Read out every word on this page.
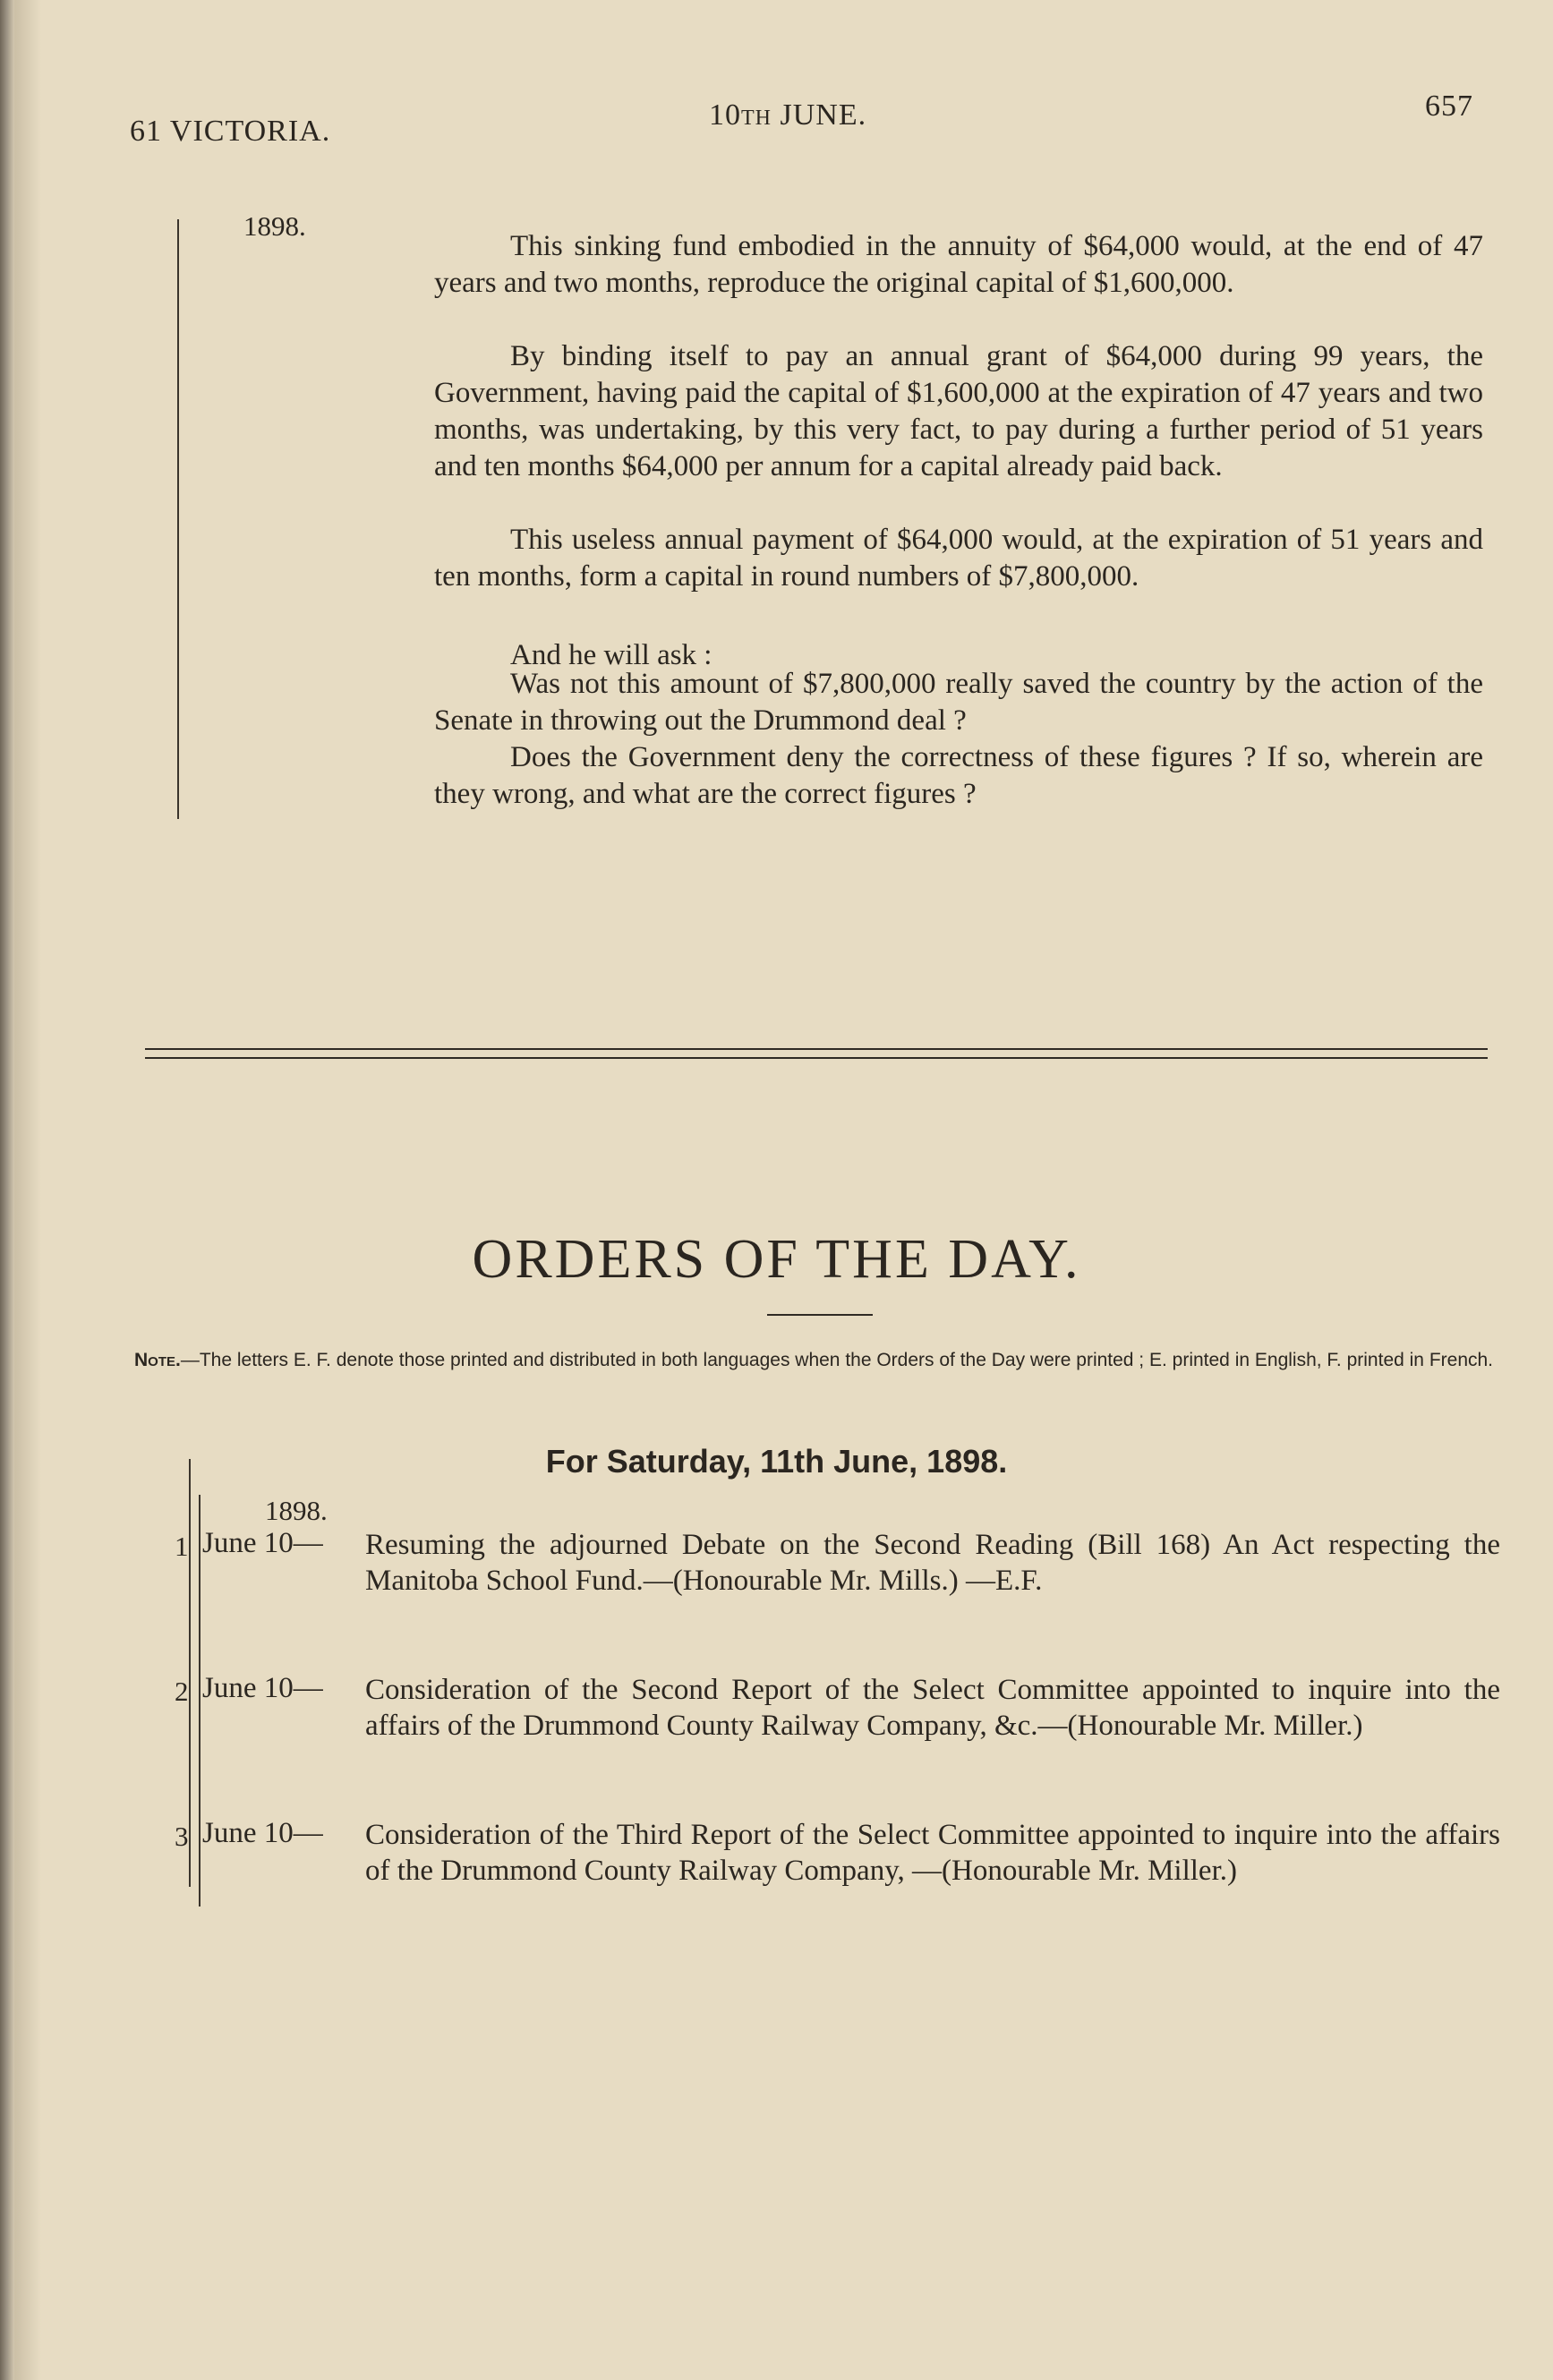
61 VICTORIA.	10TH JUNE.	657
1898.
This sinking fund embodied in the annuity of $64,000 would, at the end of 47 years and two months, reproduce the original capital of $1,600,000.
By binding itself to pay an annual grant of $64,000 during 99 years, the Government, having paid the capital of $1,600,000 at the expiration of 47 years and two months, was undertaking, by this very fact, to pay during a further period of 51 years and ten months $64,000 per annum for a capital already paid back.
This useless annual payment of $64,000 would, at the expiration of 51 years and ten months, form a capital in round numbers of $7,800,000.
And he will ask :
Was not this amount of $7,800,000 really saved the country by the action of the Senate in throwing out the Drummond deal ?
Does the Government deny the correctness of these figures ? If so, wherein are they wrong, and what are the correct figures ?
ORDERS OF THE DAY.
Note.—The letters E. F. denote those printed and distributed in both languages when the Orders of the Day were printed ; E. printed in English, F. printed in French.
For Saturday, 11th June, 1898.
1898.
1 June 10— Resuming the adjourned Debate on the Second Reading (Bill 168) An Act respecting the Manitoba School Fund.—(Honourable Mr. Mills.) —E.F.
2 June 10— Consideration of the Second Report of the Select Committee appointed to inquire into the affairs of the Drummond County Railway Company, &c.—(Honourable Mr. Miller.)
3 June 10— Consideration of the Third Report of the Select Committee appointed to inquire into the affairs of the Drummond County Railway Company, —(Honourable Mr. Miller.)
